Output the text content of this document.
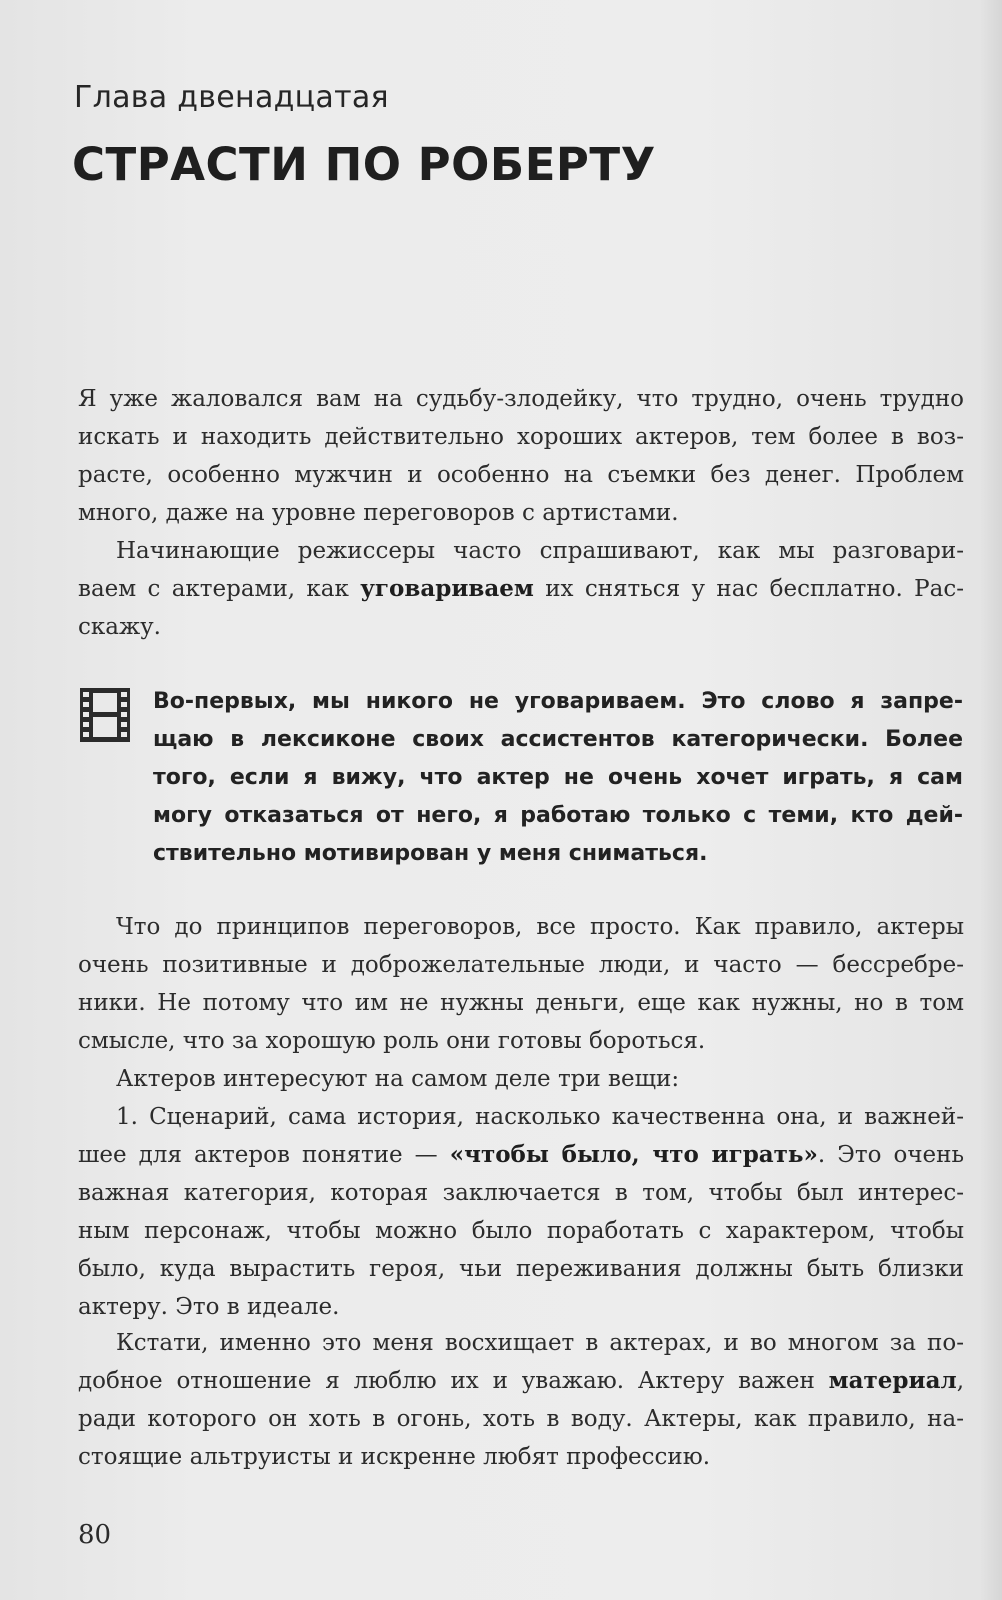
Глава двенадцатая
СТРАСТИ ПО РОБЕРТУ
Я уже жаловался вам на судьбу-злодейку, что трудно, очень трудно
искать и находить действительно хороших актеров, тем более в воз-
расте, особенно мужчин и особенно на съемки без денег. Проблем
много, даже на уровне переговоров с артистами.
Начинающие режиссеры часто спрашивают, как мы разговари-
ваем с актерами, как уговариваем их сняться у нас бесплатно. Рас-
скажу.
Во-первых, мы никого не уговариваем. Это слово я запре-
щаю в лексиконе своих ассистентов категорически. Более
того, если я вижу, что актер не очень хочет играть, я сам
могу отказаться от него, я работаю только с теми, кто дей-
ствительно мотивирован у меня сниматься.
Что до принципов переговоров, все просто. Как правило, актеры
очень позитивные и доброжелательные люди, и часто — бессребре-
ники. Не потому что им не нужны деньги, еще как нужны, но в том
смысле, что за хорошую роль они готовы бороться.
Актеров интересуют на самом деле три вещи:
1. Сценарий, сама история, насколько качественна она, и важней-
шее для актеров понятие — «чтобы было, что играть». Это очень
важная категория, которая заключается в том, чтобы был интерес-
ным персонаж, чтобы можно было поработать с характером, чтобы
было, куда вырастить героя, чьи переживания должны быть близки
актеру. Это в идеале.
Кстати, именно это меня восхищает в актерах, и во многом за по-
добное отношение я люблю их и уважаю. Актеру важен материал,
ради которого он хоть в огонь, хоть в воду. Актеры, как правило, на-
стоящие альтруисты и искренне любят профессию.
80
